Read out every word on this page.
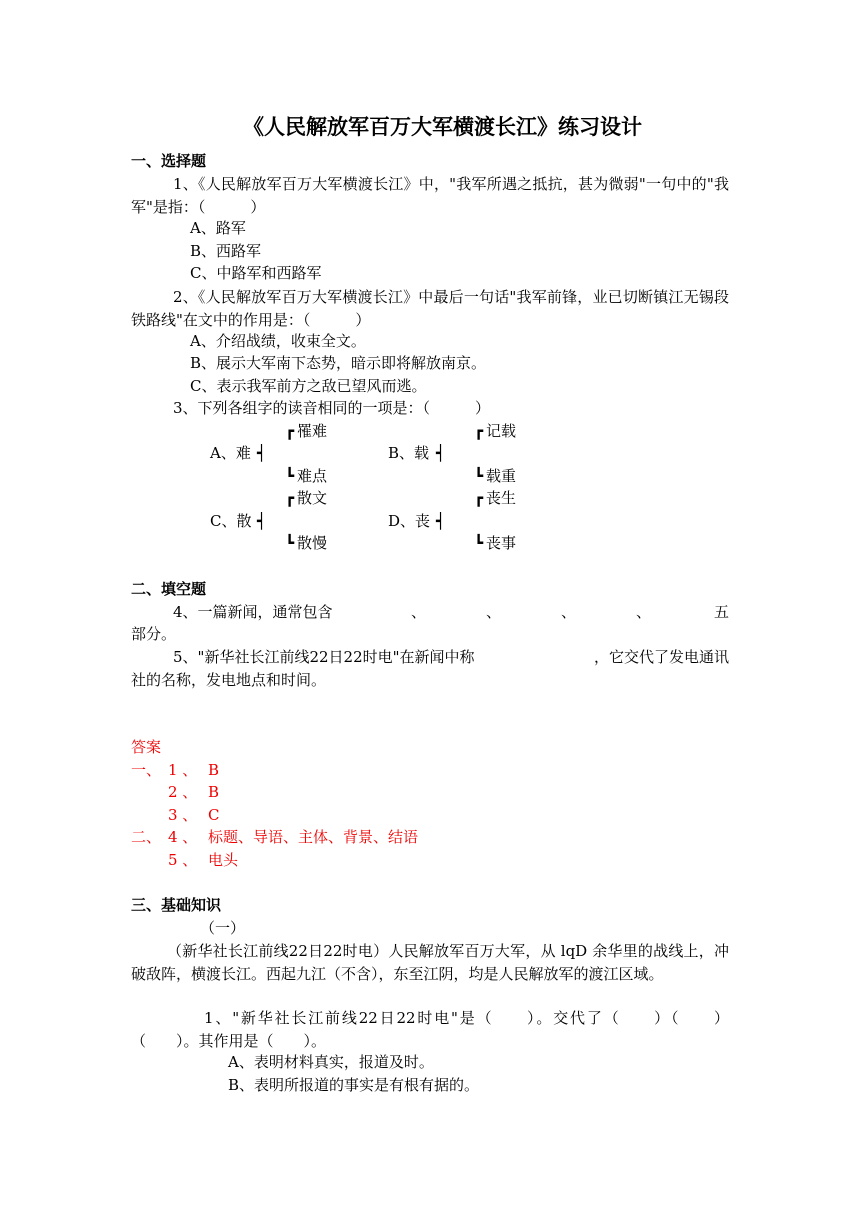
《人民解放军百万大军横渡长江》练习设计
一、选择题
1、《人民解放军百万大军横渡长江》中，"我军所遇之抵抗，甚为微弱"一句中的"我军"是指：（　　　）
A、路军
B、西路军
C、中路军和西路军
2、《人民解放军百万大军横渡长江》中最后一句话"我军前锋，业已切断镇江无锡段铁路线"在文中的作用是：（　　　）
A、介绍战绩，收束全文。
B、展示大军南下态势，暗示即将解放南京。
C、表示我军前方之敌已望风而逃。
3、下列各组字的读音相同的一项是：（　　　）
┏ 罹难
A、难 ┥
┗ 难点
┏ 记载
B、载 ┥
┗ 载重
┏ 散文
C、散 ┥
┗ 散慢
┏ 丧生
D、丧 ┥
┗ 丧事
二、填空题
4、一篇新闻，通常包含	、	、	、	、	五
部分。
5、"新华社长江前线22日22时电"在新闻中称	，它交代了发电通讯
社的名称，发电地点和时间。
答案
一、 1 、 B
2 、 B
3 、 C
二、 4 、 标题、导语、主体、背景、结语
5 、 电头
三、基础知识
（一）
（新华社长江前线22日22时电）人民解放军百万大军，从 lqD 余华里的战线上，冲破敌阵，横渡长江。西起九江（不含），东至江阴，均是人民解放军的渡江区域。
1、"新华社长江前线22日22时电"是（　　）。交代了（　　）（　　）（　　）。其作用是（　　）。
A、表明材料真实，报道及时。
B、表明所报道的事实是有根有据的。
